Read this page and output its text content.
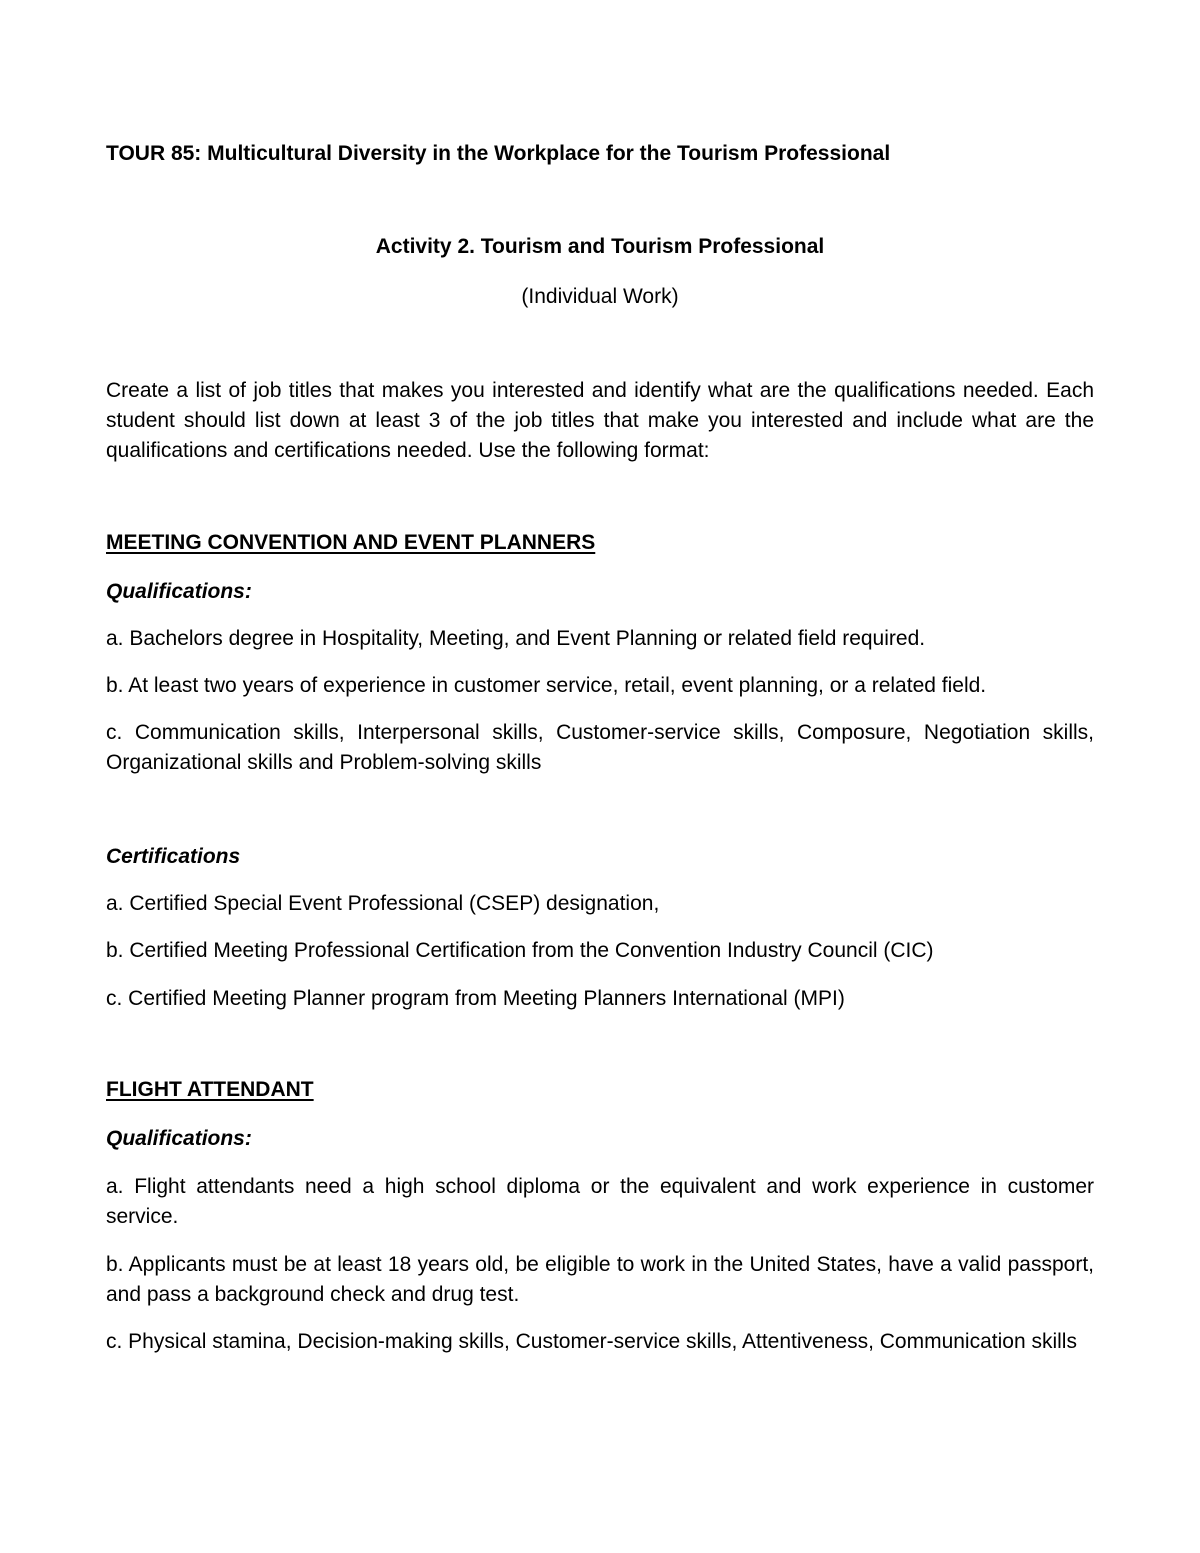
TOUR 85: Multicultural Diversity in the Workplace for the Tourism Professional

Activity 2. Tourism and Tourism Professional

(Individual Work)

Create a list of job titles that makes you interested and identify what are the qualifications needed. Each student should list down at least 3 of the job titles that make you interested and include what are the qualifications and certifications needed. Use the following format:

MEETING CONVENTION AND EVENT PLANNERS

Qualifications:

a. Bachelors degree in Hospitality, Meeting, and Event Planning or related field required.

b. At least two years of experience in customer service, retail, event planning, or a related field.

c. Communication skills, Interpersonal skills, Customer-service skills, Composure, Negotiation skills, Organizational skills and Problem-solving skills

Certifications

a. Certified Special Event Professional (CSEP) designation,

b. Certified Meeting Professional Certification from the Convention Industry Council (CIC)

c. Certified Meeting Planner program from Meeting Planners International (MPI)

FLIGHT ATTENDANT

Qualifications:

a. Flight attendants need a high school diploma or the equivalent and work experience in customer service.

b. Applicants must be at least 18 years old, be eligible to work in the United States, have a valid passport, and pass a background check and drug test.

c. Physical stamina, Decision-making skills, Customer-service skills, Attentiveness, Communication skills
